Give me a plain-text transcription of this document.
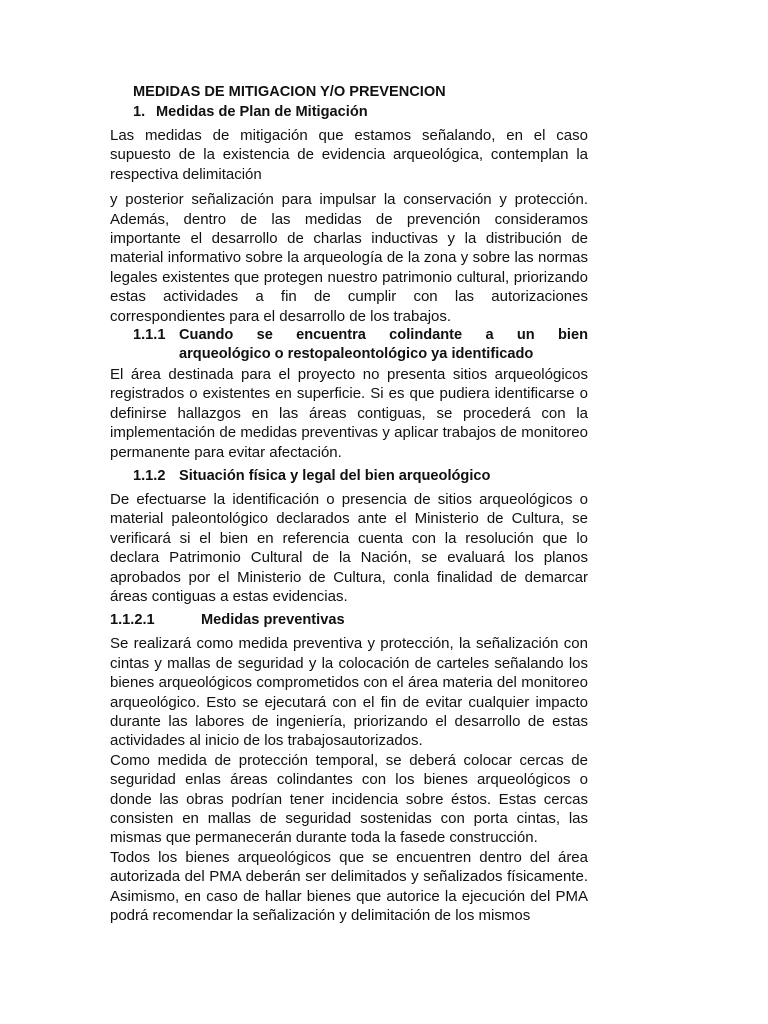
MEDIDAS DE MITIGACION Y/O PREVENCION
1. Medidas de Plan de Mitigación

Las medidas de mitigación que estamos señalando, en el caso supuesto de la existencia de evidencia arqueológica, contemplan la respectiva delimitación

y posterior señalización para impulsar la conservación y protección. Además, dentro de las medidas de prevención consideramos importante el desarrollo de charlas inductivas y la distribución de material informativo sobre la arqueología de la zona y sobre las normas legales existentes que protegen nuestro patrimonio cultural, priorizando estas actividades a fin de cumplir con las autorizaciones correspondientes para el desarrollo de los trabajos.

1.1.1 Cuando se encuentra colindante a un bien
arqueológico o restopaleontológico ya identificado

El área destinada para el proyecto no presenta sitios arqueológicos registrados o existentes en superficie. Si es que pudiera identificarse o definirse hallazgos en las áreas contiguas, se procederá con la implementación de medidas preventivas y aplicar trabajos de monitoreo permanente para evitar afectación.

1.1.2 Situación física y legal del bien arqueológico

De efectuarse la identificación o presencia de sitios arqueológicos o material paleontológico declarados ante el Ministerio de Cultura, se verificará si el bien en referencia cuenta con la resolución que lo declara Patrimonio Cultural de la Nación, se evaluará los planos aprobados por el Ministerio de Cultura, conla finalidad de demarcar áreas contiguas a estas evidencias.

1.1.2.1	Medidas preventivas

Se realizará como medida preventiva y protección, la señalización con cintas y mallas de seguridad y la colocación de carteles señalando los bienes arqueológicos comprometidos con el área materia del monitoreo arqueológico. Esto se ejecutará con el fin de evitar cualquier impacto durante las labores de ingeniería, priorizando el desarrollo de estas actividades al inicio de los trabajosautorizados.

Como medida de protección temporal, se deberá colocar cercas de seguridad enlas áreas colindantes con los bienes arqueológicos o donde las obras podrían tener incidencia sobre éstos. Estas cercas consisten en mallas de seguridad sostenidas con porta cintas, las mismas que permanecerán durante toda la fasede construcción.

Todos los bienes arqueológicos que se encuentren dentro del área autorizada del PMA deberán ser delimitados y señalizados físicamente. Asimismo, en caso de hallar bienes que autorice la ejecución del PMA podrá recomendar la señalización y delimitación de los mismos
